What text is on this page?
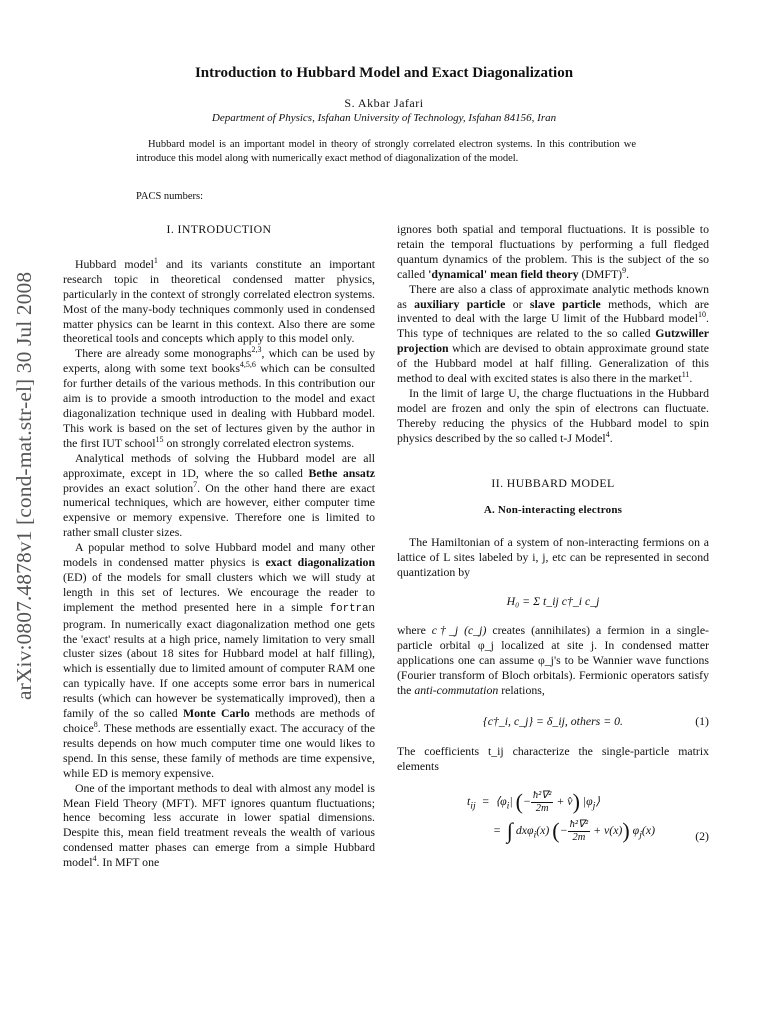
arXiv:0807.4878v1 [cond-mat.str-el] 30 Jul 2008
Introduction to Hubbard Model and Exact Diagonalization
S. Akbar Jafari
Department of Physics, Isfahan University of Technology, Isfahan 84156, Iran

Hubbard model is an important model in theory of strongly correlated electron systems. In this contribution we introduce this model along with numerically exact method of diagonalization of the model.

PACS numbers:

I. INTRODUCTION

Hubbard model$^1$ and its variants constitute an important research topic in theoretical condensed matter physics, particularly in the context of strongly correlated electron systems. Most of the many-body techniques commonly used in condensed matter physics can be learnt in this context. Also there are some theoretical tools and concepts which apply to this model only.

There are already some monographs$^{2,3}$, which can be used by experts, along with some text books$^{4,5,6}$ which can be consulted for further details of the various methods. In this contribution our aim is to provide a smooth introduction to the model and exact diagonalization technique used in dealing with Hubbard model. This work is based on the set of lectures given by the author in the first IUT school$^{15}$ on strongly correlated electron systems.

Analytical methods of solving the Hubbard model are all approximate, except in 1D, where the so called Bethe ansatz provides an exact solution$^7$. On the other hand there are exact numerical techniques, which are however, either computer time expensive or memory expensive. Therefore one is limited to rather small cluster sizes.

A popular method to solve Hubbard model and many other models in condensed matter physics is exact diagonalization (ED) of the models for small clusters which we will study at length in this set of lectures. We encourage the reader to implement the method presented here in a simple fortran program. In numerically exact diagonalization method one gets the 'exact' results at a high price, namely limitation to very small cluster sizes (about 18 sites for Hubbard model at half filling), which is essentially due to limited amount of computer RAM one can typically have. If one accepts some error bars in numerical results (which can however be systematically improved), then a family of the so called Monte Carlo methods are methods of choice$^8$. These methods are essentially exact. The accuracy of the results depends on how much computer time one would likes to spend. In this sense, these family of methods are time expensive, while ED is memory expensive.

One of the important methods to deal with almost any model is Mean Field Theory (MFT). MFT ignores quantum fluctuations; hence becoming less accurate in lower spatial dimensions. Despite this, mean field treatment reveals the wealth of various condensed matter phases can emerge from a simple Hubbard model$^4$. In MFT one

ignores both spatial and temporal fluctuations. It is possible to retain the temporal fluctuations by performing a full fledged quantum dynamics of the problem. This is the subject of the so called 'dynamical' mean field theory (DMFT)$^9$.

There are also a class of approximate analytic methods known as auxiliary particle or slave particle methods, which are invented to deal with the large U limit of the Hubbard model$^{10}$. This type of techniques are related to the so called Gutzwiller projection which are devised to obtain approximate ground state of the Hubbard model at half filling. Generalization of this method to deal with excited states is also there in the market$^{11}$.

In the limit of large U, the charge fluctuations in the Hubbard model are frozen and only the spin of electrons can fluctuate. Thereby reducing the physics of the Hubbard model to spin physics described by the so called t-J Model$^4$.

II. HUBBARD MODEL
A. Non-interacting electrons

The Hamiltonian of a system of non-interacting fermions on a lattice of L sites labeled by i, j, etc can be represented in second quantization by

H₀ = Σ t_ij c†_i c_j

where c†_j (c_j) creates (annihilates) a fermion in a single-particle orbital φ_j localized at site j. In condensed matter applications one can assume φ_j's to be Wannier wave functions (Fourier transform of Bloch orbitals). Fermionic operators satisfy the anti-commutation relations,

{c†_i, c_j} = δ_ij, others = 0.	(1)

The coefficients t_ij characterize the single-particle matrix elements

$t_{ij}$  =  $⟨\varphi_i|$ (− $\frac{\text{ħ²∇²}}{2m}$ + v̂) $|\varphi_j⟩$
=  ∫ dxφ$_i$(x) (− $\frac{\text{ħ²∇²}}{2m} + v(x)$) $\varphi_j(x)$	(2)
